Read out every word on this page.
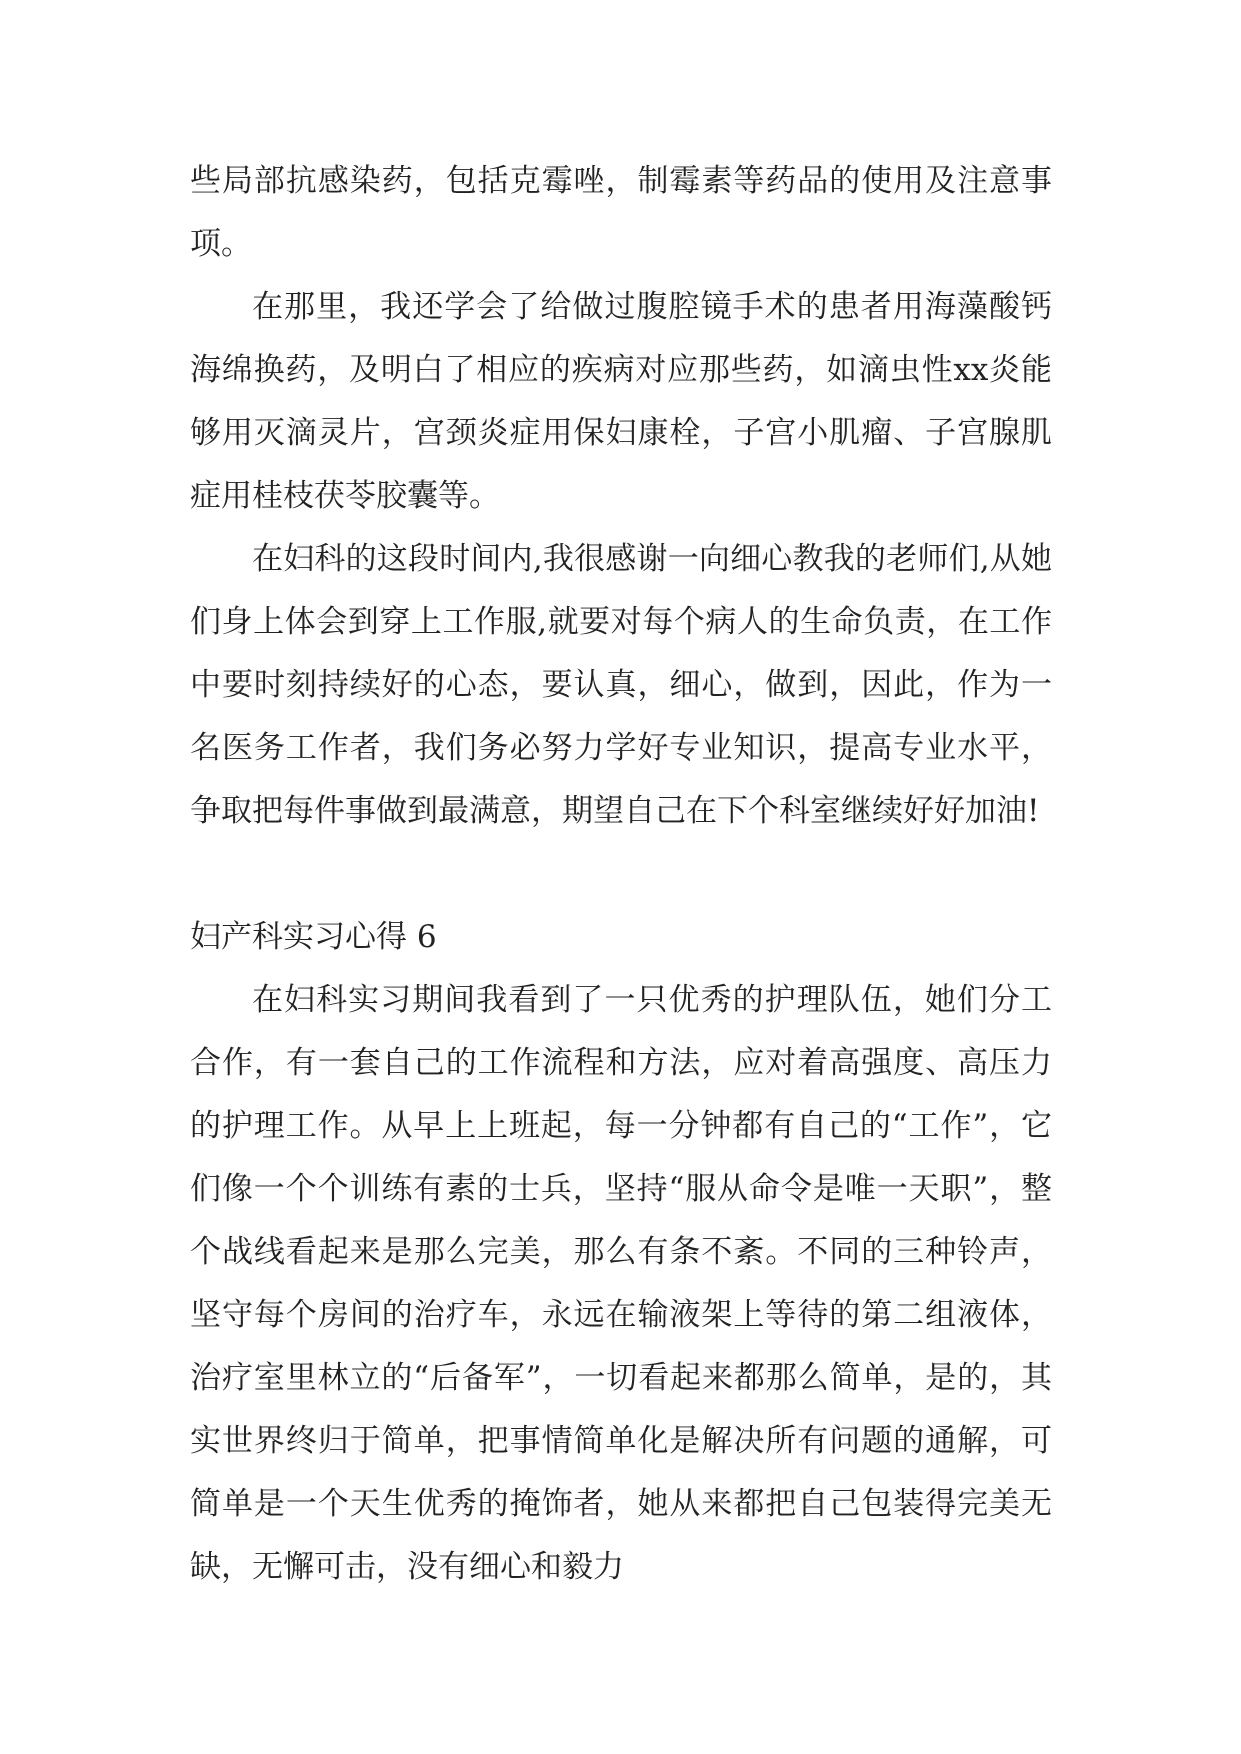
些局部抗感染药，包括克霉唑，制霉素等药品的使用及注意事项。

在那里，我还学会了给做过腹腔镜手术的患者用海藻酸钙海绵换药，及明白了相应的疾病对应那些药，如滴虫性xx炎能够用灭滴灵片，宫颈炎症用保妇康栓，子宫小肌瘤、子宫腺肌症用桂枝茯苓胶囊等。

在妇科的这段时间内,我很感谢一向细心教我的老师们,从她们身上体会到穿上工作服,就要对每个病人的生命负责，在工作中要时刻持续好的心态，要认真，细心，做到，因此，作为一名医务工作者，我们务必努力学好专业知识，提高专业水平，争取把每件事做到最满意，期望自己在下个科室继续好好加油!

妇产科实习心得 6

在妇科实习期间我看到了一只优秀的护理队伍，她们分工合作，有一套自己的工作流程和方法，应对着高强度、高压力的护理工作。从早上上班起，每一分钟都有自己的“工作”，它们像一个个训练有素的士兵，坚持“服从命令是唯一天职”，整个战线看起来是那么完美，那么有条不紊。不同的三种铃声，坚守每个房间的治疗车，永远在输液架上等待的第二组液体，治疗室里林立的“后备军”，一切看起来都那么简单，是的，其实世界终归于简单，把事情简单化是解决所有问题的通解，可简单是一个天生优秀的掩饰者，她从来都把自己包装得完美无缺，无懈可击，没有细心和毅力
